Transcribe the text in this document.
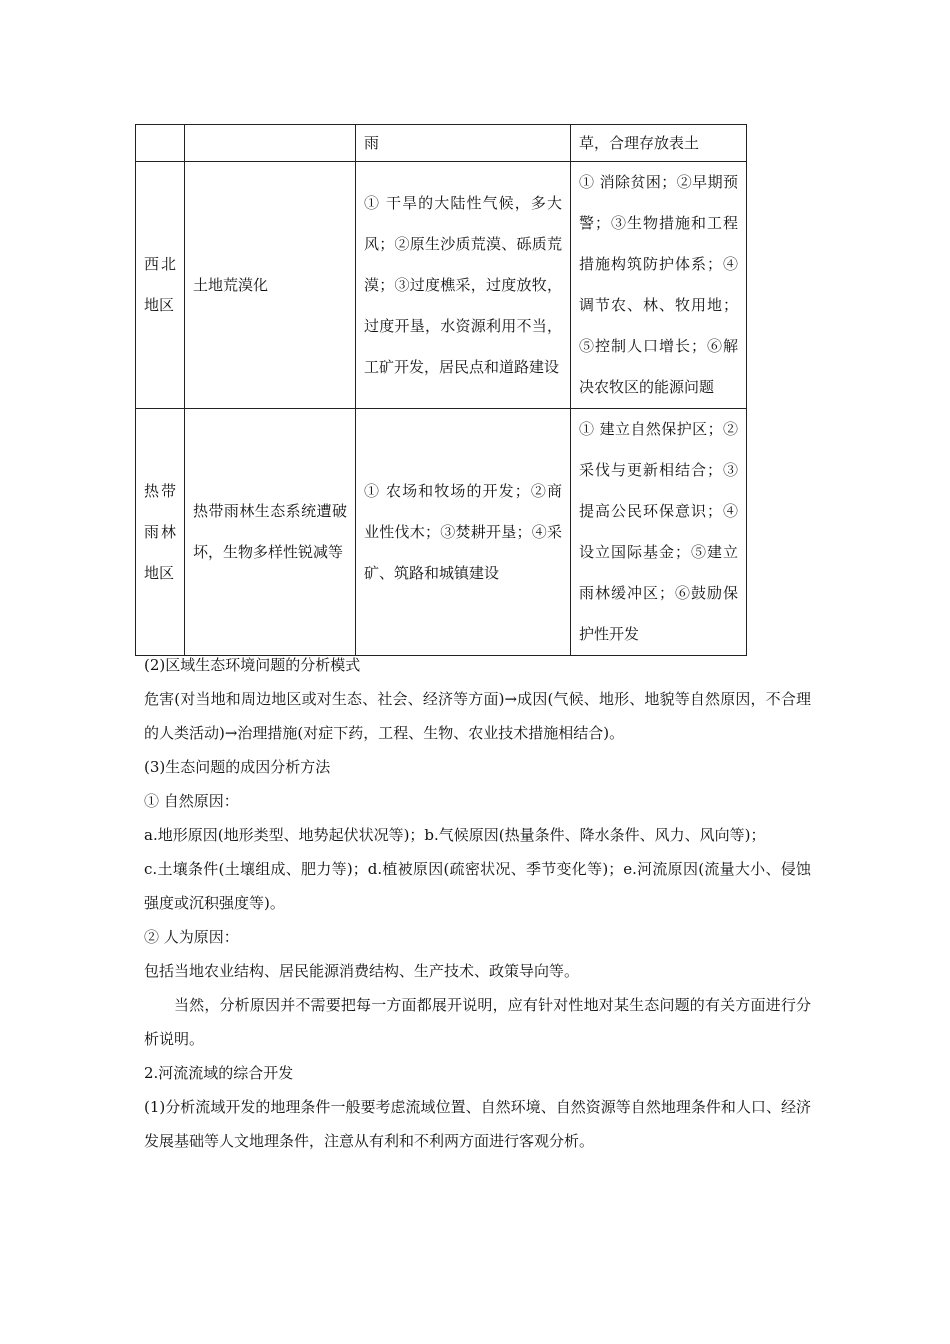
		雨	草，合理存放表土

西 北
地区	土地荒漠化	① 干旱的大陆性气候，多大风；②原生沙质荒漠、砾质荒漠；③过度樵采，过度放牧，过度开垦，水资源利用不当，工矿开发，居民点和道路建设	① 消除贫困；②早期预警；③生物措施和工程措施构筑防护体系；④调节农、林、牧用地；⑤控制人口增长；⑥解决农牧区的能源问题

热 带
雨 林
地区	热带雨林生态系统遭破坏，生物多样性锐减等	① 农场和牧场的开发；②商业性伐木；③焚耕开垦；④采矿、筑路和城镇建设	① 建立自然保护区；②采伐与更新相结合；③提高公民环保意识；④设立国际基金；⑤建立雨林缓冲区；⑥鼓励保护性开发

(2)区域生态环境问题的分析模式

危害(对当地和周边地区或对生态、社会、经济等方面)→成因(气候、地形、地貌等自然原因，不合理的人类活动)→治理措施(对症下药，工程、生物、农业技术措施相结合)。

(3)生态问题的成因分析方法

① 自然原因：

a.地形原因(地形类型、地势起伏状况等)；b.气候原因(热量条件、降水条件、风力、风向等)；

c.土壤条件(土壤组成、肥力等)；d.植被原因(疏密状况、季节变化等)；e.河流原因(流量大小、侵蚀强度或沉积强度等)。

② 人为原因：

包括当地农业结构、居民能源消费结构、生产技术、政策导向等。

当然，分析原因并不需要把每一方面都展开说明，应有针对性地对某生态问题的有关方面进行分析说明。

2.河流流域的综合开发

(1)分析流域开发的地理条件一般要考虑流域位置、自然环境、自然资源等自然地理条件和人口、经济发展基础等人文地理条件，注意从有利和不利两方面进行客观分析。
